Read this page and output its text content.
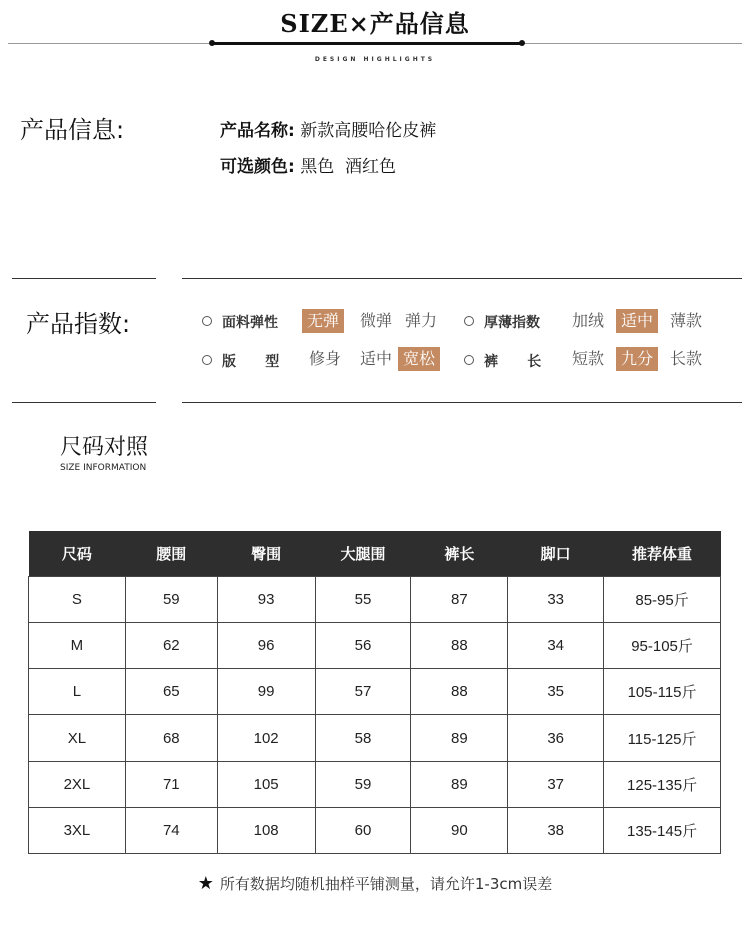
SIZE×产品信息
DESIGN HIGHLIGHTS
产品信息:	产品名称: 新款高腰哈伦皮裤
可选颜色: 黑色  酒红色
产品指数:	面料弹性	无弹	微弹 弹力	厚薄指数 加绒	适中	薄款
版      型 修身 适中 宽松	裤      长 短款	九分	长款
尺码对照
SIZE INFORMATION
尺码	腰围	臀围	大腿围	裤长	脚口	推荐体重
S	59	93	55	87	33	85-95斤
M	62	96	56	88	34	95-105斤
L	65	99	57	88	35	105-115斤
XL	68	102	58	89	36	115-125斤
2XL	71	105	59	89	37	125-135斤
3XL	74	108	60	90	38	135-145斤
★ 所有数据均随机抽样平铺测量，请允许1-3cm误差
